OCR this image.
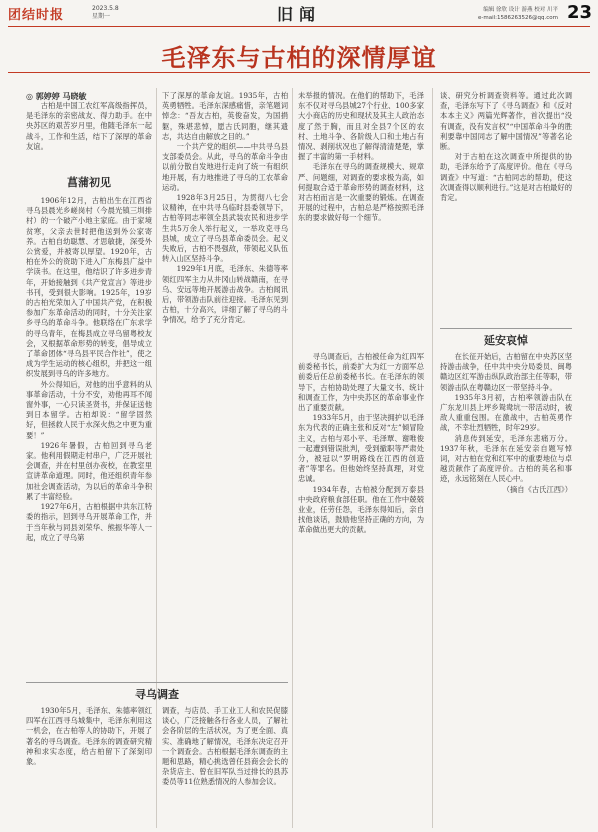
团结时报	2023.5.8
星期一	旧闻	编辑 徐欣 设计 游燕 校对 川平
e-mail:1586263526@qq.com 23
毛泽东与古柏的深情厚谊
◎ 郭婷婷 马晓敏

古柏是中国工农红军高级指挥员，是毛泽东的亲密战友、得力助手。在中央苏区的艰苦岁月里，他随毛泽东一起战斗，工作和生活，结下了深厚的革命友谊。

菖蒲初见

1906年12月，古柏出生在江西省寻乌县晨光乡嵯岗村（今晨光镇三圳排村）的一个破产小地主家庭。由于家境贫寒，父亲去世时把他送到外公家寄养。古柏自幼聪慧、才思敏捷，深受外公赏爱，并被寄以厚望。1920年，古柏在外公的资助下进入广东梅县广益中学读书。在这里，他结识了许多进步青年，开始接触到《共产党宣言》等进步书刊，受到很大影响。1925年，19岁的古柏光荣加入了中国共产党，在积极参加广东革命活动的同时，十分关注家乡寻乌的革命斗争。他联络在广东求学的寻乌青年，在梅县成立寻乌留粤校友会，又根据革命形势的转变，倡导成立了革命团体“寻乌县平民合作社”，使之成为学生运动的核心组织，并把这一组织发展到寻乌的许多地方。

外公得知后，对他的出乎意料的从事革命活动，十分不安，劝他再耳不闻窗外事，一心只读圣贤书，并保证送他到日本留学。古柏却说：“留学固然好，但拯救人民于水深火热之中更为重要！”

1926年暑假，古柏回到寻乌老家。他利用假期走村串户，广泛开展社会调查，并在村里创办夜校，在教室里宣讲革命道理。同时，他还组织青年参加社会调查活动，为以后的革命斗争积累了丰富经验。

1927年6月，古柏根据中共东江特委的指示，回到寻乌开展革命工作，并于当年秋与同县刘荣华、熊振华等人一起，成立了寻乌第

寻乌调查

1930年5月，毛泽东、朱德率领红四军在江西寻乌城集中，毛泽东利用这一机会，在古柏等人的协助下，开展了著名的寻乌调查。毛泽东的调查研究精神和求实态度，给古柏留下了深刻印象。

下了深厚的革命友谊。1935年，古柏英勇牺牲。毛泽东深感痛惜，亲笔题词悼念：“吾友古柏，英俊奋发，为国捐躯，殊堪悲悼，愿古氏同胞，继其遗志，共达自由解放之目的。”

一个共产党的组织——中共寻乌县支部委员会。从此，寻乌的革命斗争由以前分散自发地进行走向了统一有组织地开展，有力地推进了寻乌的工农革命运动。

1928年3月25日，为贯彻八七会议精神，在中共寻乌临时县委领导下，古柏等同志率领全县武装农民和进步学生共5万余人举行起义，一举攻克寻乌县城，成立了寻乌县革命委员会。起义失败后，古柏不畏强敌，带领起义队伍转入山区坚持斗争。

1929年1月底，毛泽东、朱德等率领红四军主力从井冈山转战赣南，在寻乌、安远等地开展游击战争。古柏闻讯后，带领游击队前往迎接。毛泽东见到古柏，十分高兴，详细了解了寻乌的斗争情况，给予了充分肯定。

调查，与店员、手工业工人和农民促膝谈心，广泛接触各行各业人员，了解社会各阶层的生活状况，为了更全面、真实、准确地了解情况，毛泽东决定召开一个调查会。古柏根据毛泽东调查的主题和思路，精心挑选曾任县商会会长的杂货店主、曾在旧军队当过排长的县苏委员等11位熟悉情况的人参加会议。

未举报的情况。在他们的帮助下，毛泽东不仅对寻乌县城27个行业、100多家大小商店的历史和现状及其主人政治态度了然于胸，而且对全县7个区的农村、土地斗争、各阶级人口和土地占有情况、剥削状况也了解得清清楚楚，掌握了丰富的第一手材料。

毛泽东在寻乌的调查规模大、规章严、问题细，对调查的要求极为高，如何提取合适于革命形势的调查材料，这对古柏而言是一次重要的锻炼。在调查开展的过程中，古柏总是严格按照毛泽东的要求做好每一个细节。

寻乌调查后，古柏被任命为红四军前委秘书长，前委扩大为红一方面军总前委后任总前委秘书长。在毛泽东的领导下，古柏协助处理了大量文书、统计和调查工作，为中央苏区的革命事业作出了重要贡献。

1933年5月，由于坚决拥护以毛泽东为代表的正确主张和反对“左”倾冒险主义，古柏与邓小平、毛泽覃、谢唯俊一起遭到错误批判，受到撤职等严肃处分，被冠以“罗明路线在江西的创造者”等罪名。但他始终坚持真理，对党忠诚。

1934年春，古柏被分配到万泰县中央政府粮食部任职。他在工作中兢兢业业，任劳任怨，毛泽东得知后，亲自找他谈话，鼓励他坚持正确的方向，为革命做出更大的贡献。

谈、研究分析调查资料等。通过此次调查，毛泽东写下了《寻乌调查》和《反对本本主义》两篇光辉著作，首次提出“没有调查，没有发言权”“中国革命斗争的胜利要靠中国同志了解中国情况”等著名论断。

对于古柏在这次调查中所提供的协助，毛泽东给予了高度评价。他在《寻乌调查》中写道：“古柏同志的帮助，使这次调查得以顺利进行。”这是对古柏最好的肯定。

延安哀悼

在长征开始后，古柏留在中央苏区坚持游击战争，任中共中央分局委员、闽粤赣边区红军游击纵队政治部主任等职，带领游击队在粤赣边区一带坚持斗争。

1935年3月初，古柏率领游击队在广东龙川县上坪乡鸳鸯坑一带活动时，被敌人重重包围。在激战中，古柏英勇作战，不幸壮烈牺牲，时年29岁。

消息传到延安，毛泽东悲痛万分。1937年秋，毛泽东在延安亲自题写悼词，对古柏在党和红军中的重要地位与卓越贡献作了高度评价。古柏的英名和事迹，永远铭刻在人民心中。

（摘自《古氏江西》）
